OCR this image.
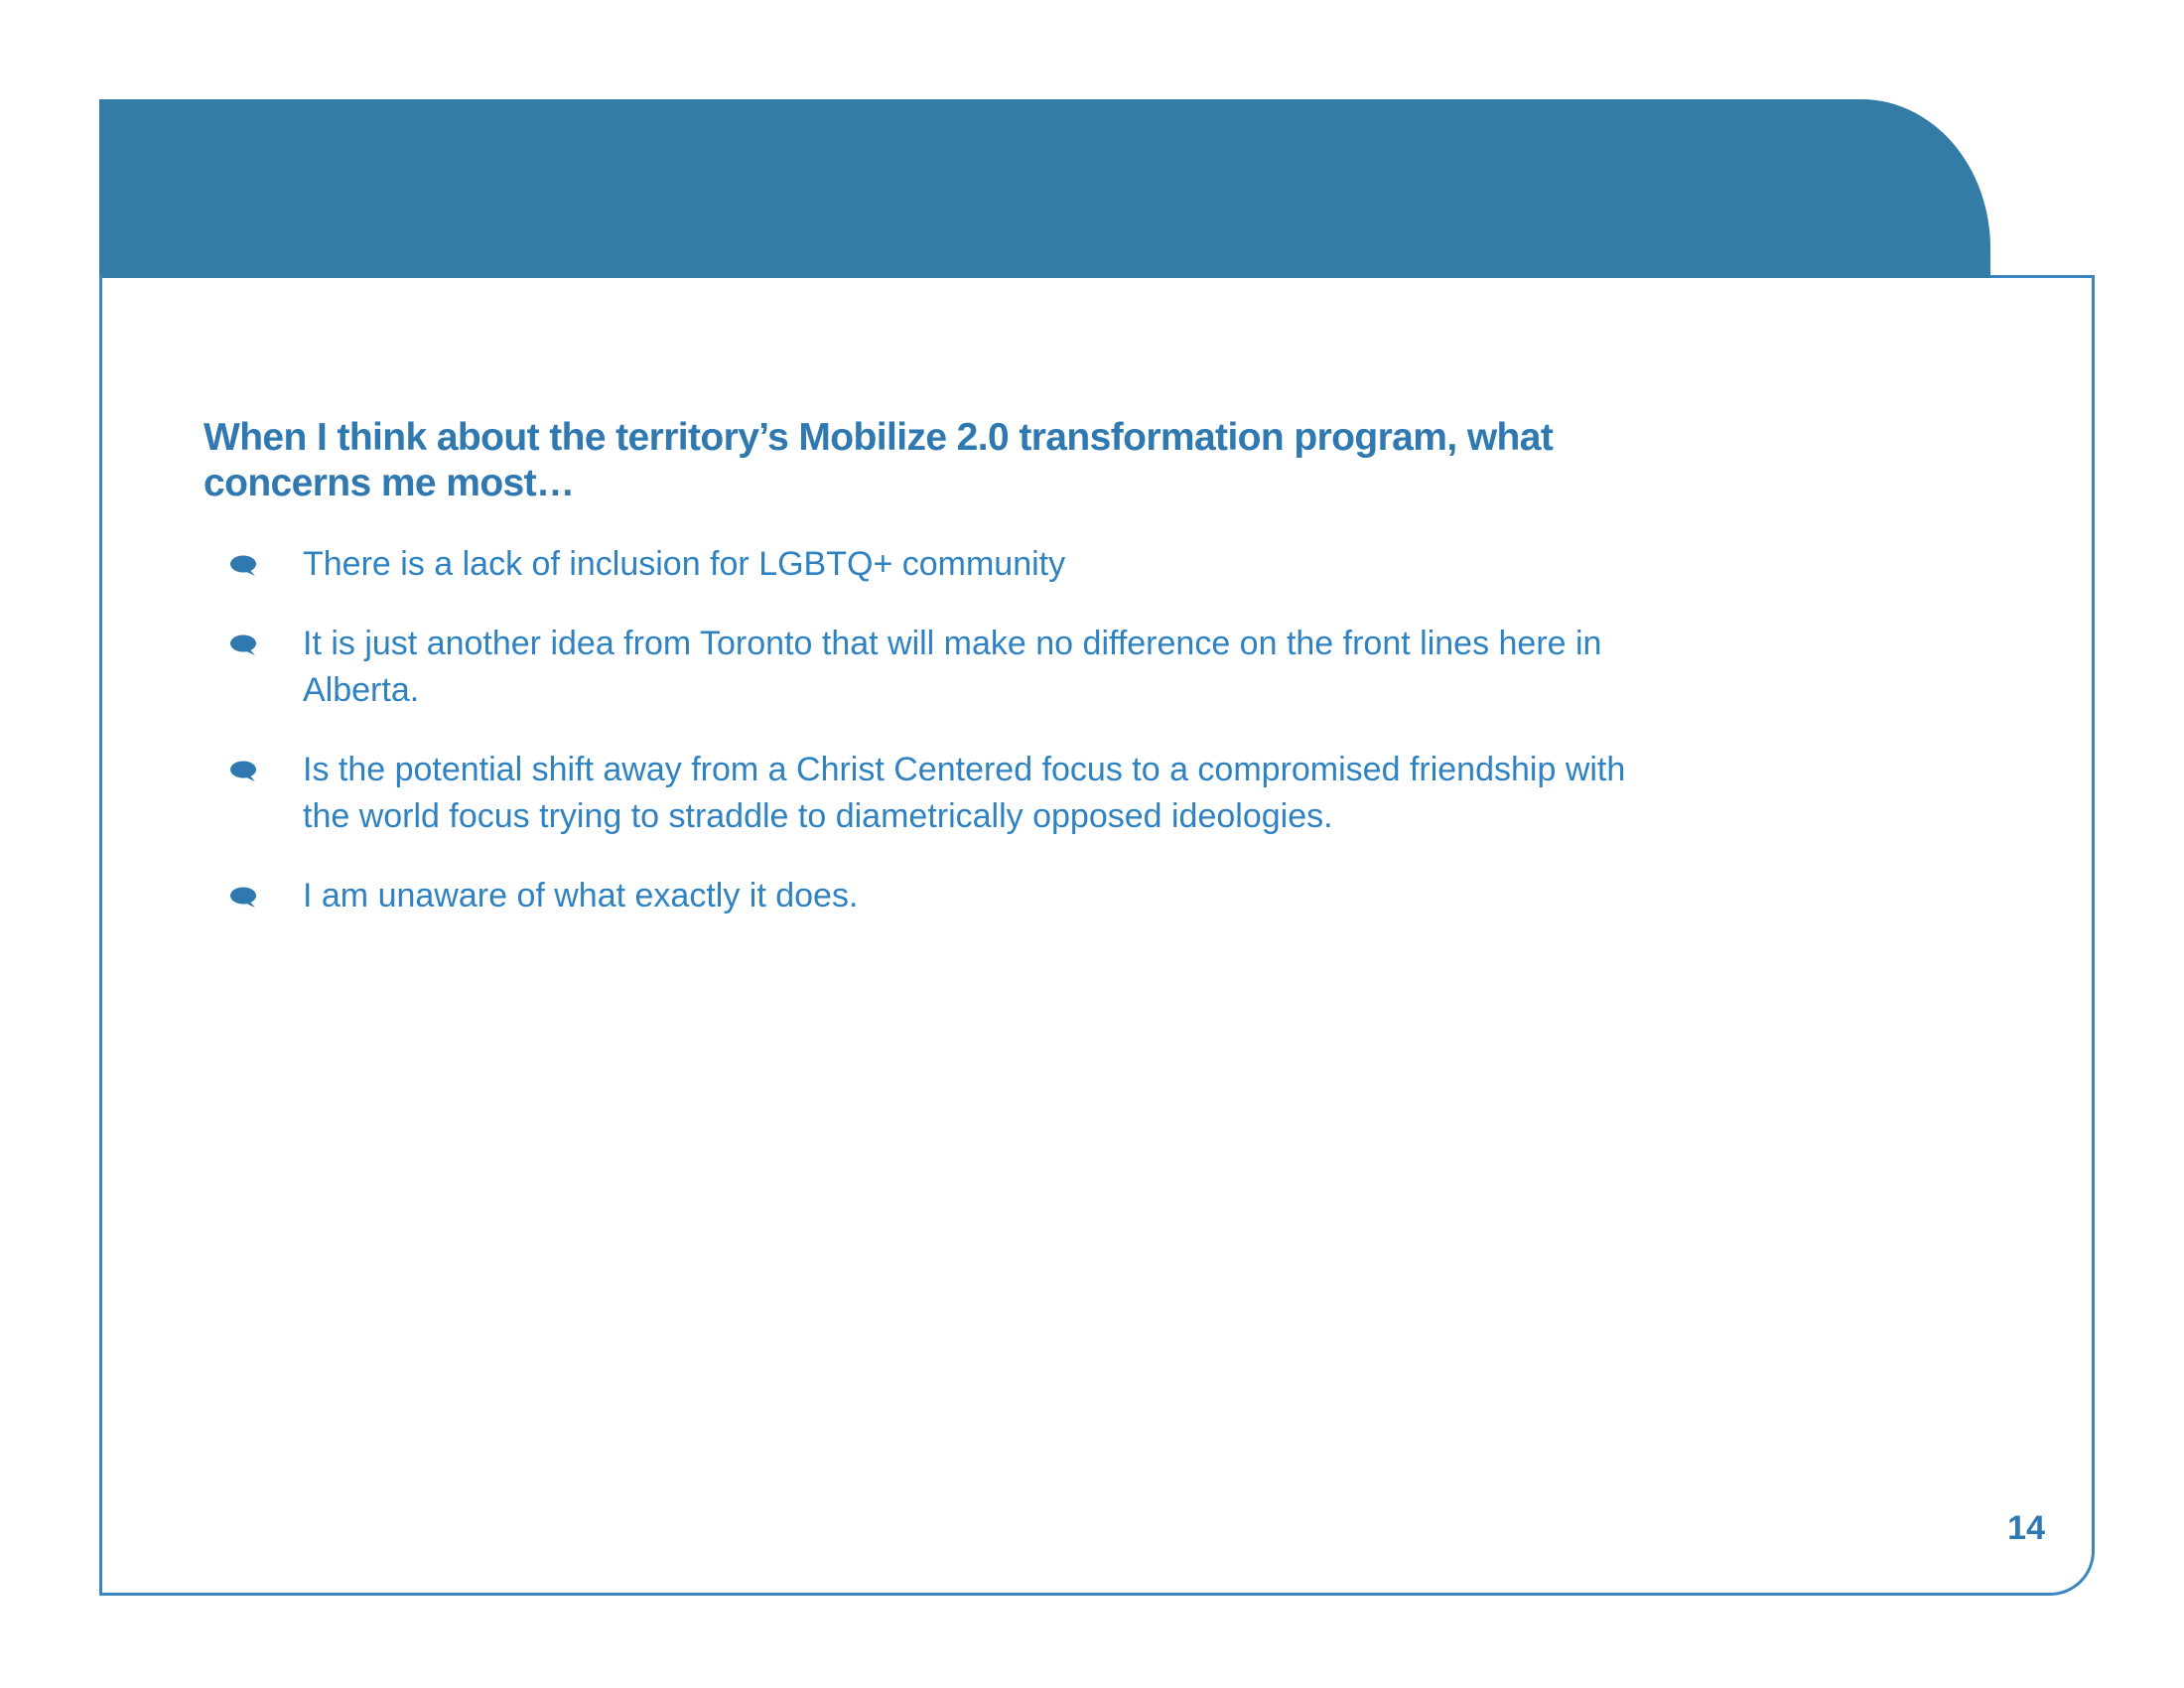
When I think about the territory’s Mobilize 2.0 transformation program, what concerns me most…
There is a lack of inclusion for LGBTQ+ community
It is just another idea from Toronto that will make no difference on the front lines here in Alberta.
Is the potential shift away from a Christ Centered focus to a compromised friendship with the world focus trying to straddle to diametrically opposed ideologies.
I am unaware of what exactly it does.
14
